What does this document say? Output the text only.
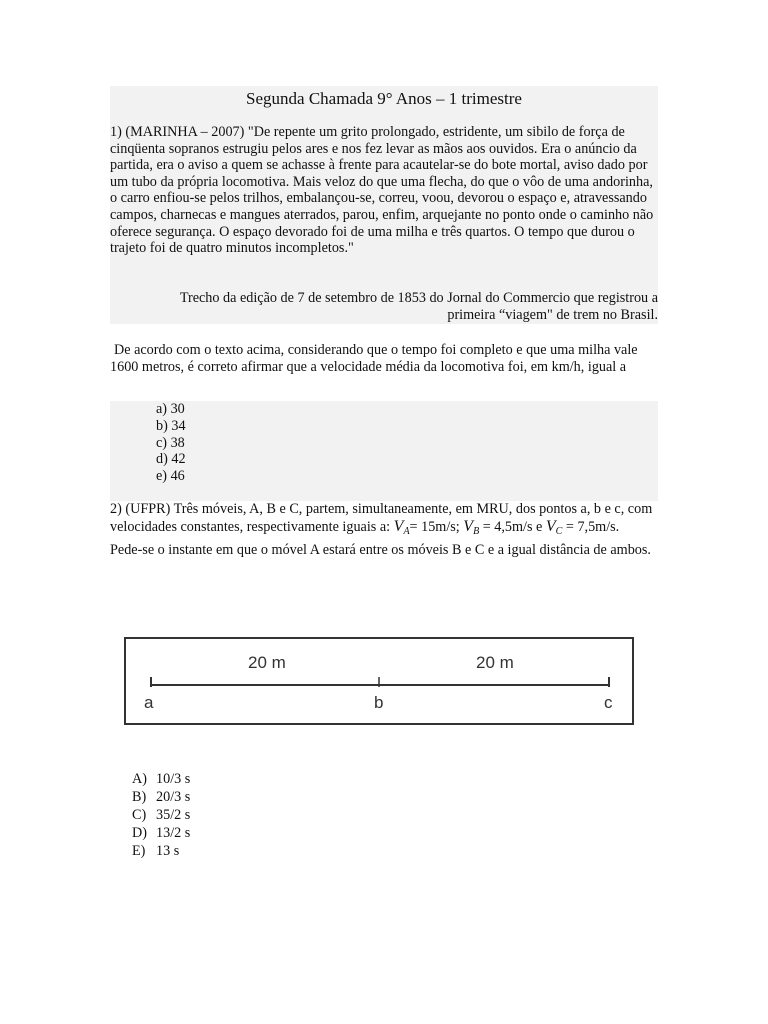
Segunda Chamada 9° Anos – 1 trimestre

1) (MARINHA – 2007) "De repente um grito prolongado, estridente, um sibilo de força de cinqüenta sopranos estrugiu pelos ares e nos fez levar as mãos aos ouvidos. Era o anúncio da partida, era o aviso a quem se achasse à frente para acautelar-se do bote mortal, aviso dado por um tubo da própria locomotiva. Mais veloz do que uma flecha, do que o vôo de uma andorinha, o carro enfiou-se pelos trilhos, embalançou-se, correu, voou, devorou o espaço e, atravessando campos, charnecas e mangues aterrados, parou, enfim, arquejante no ponto onde o caminho não oferece segurança. O espaço devorado foi de uma milha e três quartos. O tempo que durou o trajeto foi de quatro minutos incompletos."

Trecho da edição de 7 de setembro de 1853 do Jornal do Commercio que registrou a primeira “viagem" de trem no Brasil.
De acordo com o texto acima, considerando que o tempo foi completo e que uma milha vale 1600 metros, é correto afirmar que a velocidade média da locomotiva foi, em km/h, igual a
a) 30
b) 34
c) 38
d) 42
e) 46

2) (UFPR) Três móveis, A, B e C, partem, simultaneamente, em MRU, dos pontos a, b e c, com velocidades constantes, respectivamente iguais a: $V_A= 15m/s$; $V_B = 4,5m/s$ e $V_C = 7,5m/s$.

Pede-se o instante em que o móvel A estará entre os móveis B e C e a igual distância de ambos.

20 m	20 m
a	b	c
A) 10/3 s
B) 20/3 s
C) 35/2 s
D) 13/2 s
E) 13 s
